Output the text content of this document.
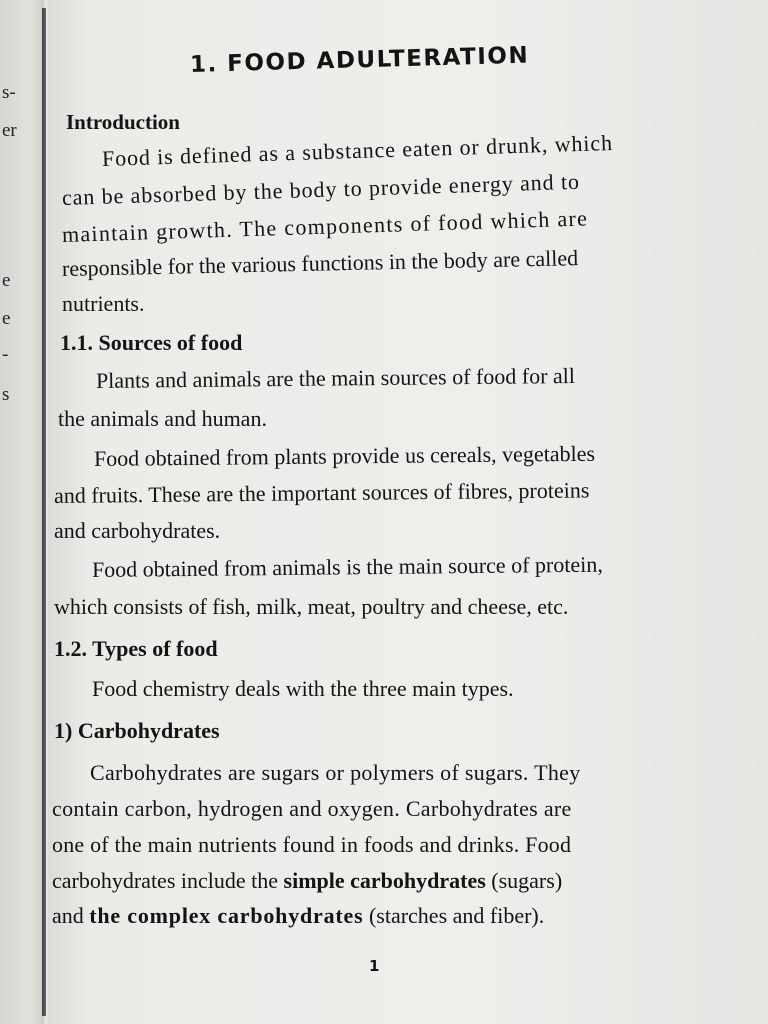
s-
er
e
e
-
s
1. FOOD ADULTERATION
Introduction
Food is defined as a substance eaten or drunk, which
can be absorbed by the body to provide energy and to
maintain growth. The components of food which are
responsible for the various functions in the body are called
nutrients.
1.1. Sources of food
Plants and animals are the main sources of food for all
the animals and human.
Food obtained from plants provide us cereals, vegetables
and fruits. These are the important sources of fibres, proteins
and carbohydrates.
Food obtained from animals is the main source of protein,
which consists of fish, milk, meat, poultry and cheese, etc.
1.2. Types of food
Food chemistry deals with the three main types.
1) Carbohydrates
Carbohydrates are sugars or polymers of sugars. They
contain carbon, hydrogen and oxygen. Carbohydrates are
one of the main nutrients found in foods and drinks. Food
carbohydrates include the simple carbohydrates (sugars)
and the complex carbohydrates (starches and fiber).
1
